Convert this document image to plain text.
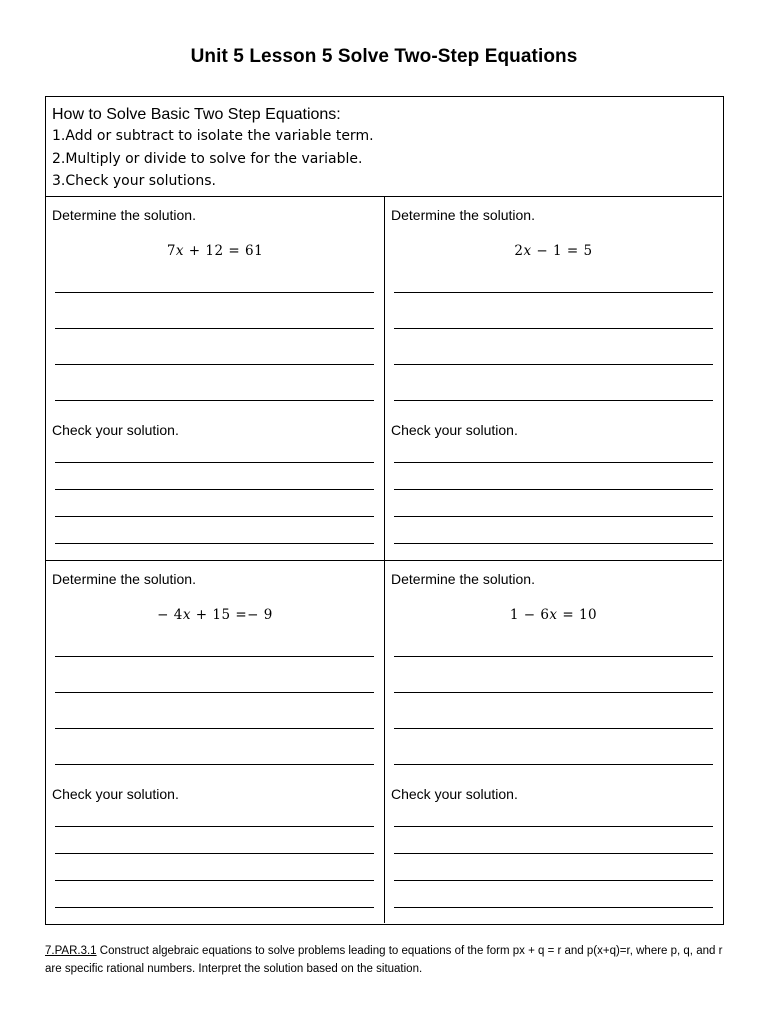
Unit 5 Lesson 5 Solve Two-Step Equations
How to Solve Basic Two Step Equations:
1.Add or subtract to isolate the variable term.
2.Multiply or divide to solve for the variable.
3.Check your solutions.
Determine the solution.
7𝑥 + 12 = 61
Check your solution.
Determine the solution.
2𝑥 − 1 = 5
Check your solution.
Determine the solution.
− 4𝑥 + 15 =− 9
Check your solution.
Determine the solution.
1 − 6𝑥 = 10
Check your solution.
7.PAR.3.1 Construct algebraic equations to solve problems leading to equations of the form px + q = r and p(x+q)=r, where p, q, and r are specific rational numbers. Interpret the solution based on the situation.
